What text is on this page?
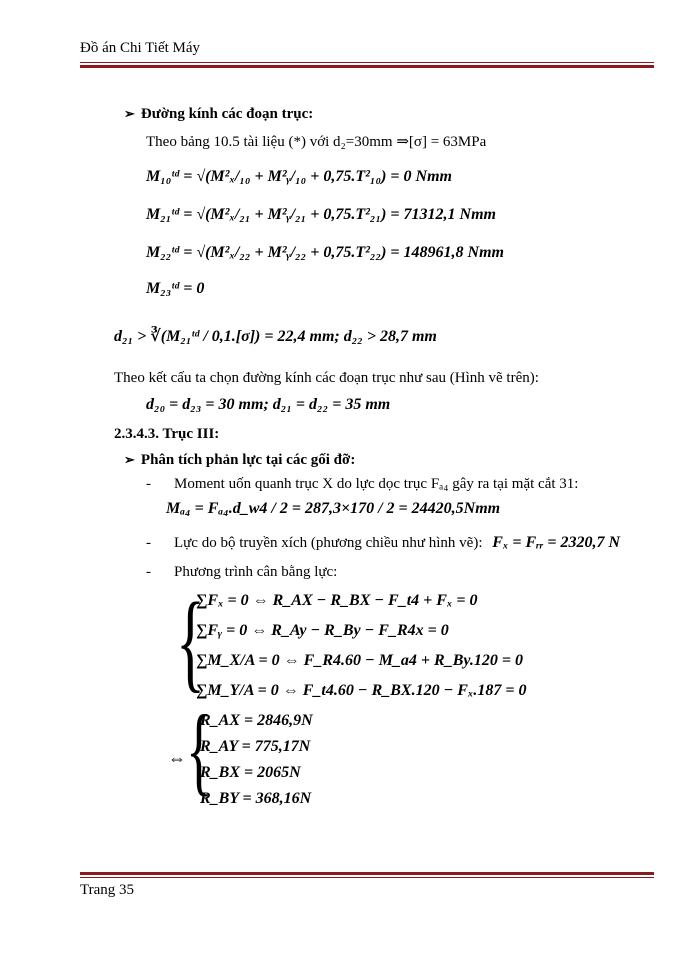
Đồ án Chi Tiết Máy
➢ Đường kính các đoạn trục:
Theo bảng 10.5 tài liệu (*) với d₂=30mm ⇒[σ] = 63MPa
M₁₀ᵗᵈ = √(M²ₓ/₁₀ + M²ᵧ/₁₀ + 0,75.T²₁₀) = 0 Nmm
M₂₁ᵗᵈ = √(M²ₓ/₂₁ + M²ᵧ/₂₁ + 0,75.T²₂₁) = 71312,1 Nmm
M₂₂ᵗᵈ = √(M²ₓ/₂₂ + M²ᵧ/₂₂ + 0,75.T²₂₂) = 148961,8 Nmm
M₂₃ᵗᵈ = 0
d₂₁ > ∛(M₂₁ᵗᵈ / 0,1.[σ]) = 22,4 mm; d₂₂ > 28,7 mm
Theo kết cấu ta chọn đường kính các đoạn trục như sau (Hình vẽ trên):
d₂₀ = d₂₃ = 30 mm; d₂₁ = d₂₂ = 35 mm
2.3.4.3. Trục III:
➢ Phân tích phản lực tại các gối đỡ:
- Moment uốn quanh trục X do lực dọc trục Fₐ₄ gây ra tại mặt cắt 31:
Mₐ₄ = Fₐ₄.d_w4 / 2 = 287,3×170 / 2 = 24420,5Nmm
- Lực do bộ truyền xích (phương chiều như hình vẽ): Fₓ = Fᵣᵣ = 2320,7 N
- Phương trình cân bằng lực:
{
∑Fₓ = 0 ⇔ R_AX − R_BX − F_t4 + Fₓ = 0
∑Fᵧ = 0 ⇔ R_Ay − R_By − F_R4x = 0
∑M_X/A = 0 ⇔ F_R4.60 − M_a4 + R_By.120 = 0
∑M_Y/A = 0 ⇔ F_t4.60 − R_BX.120 − Fₓ.187 = 0
⇔ {
R_AX = 2846,9N
R_AY = 775,17N
R_BX = 2065N
R_BY = 368,16N
Trang 35
